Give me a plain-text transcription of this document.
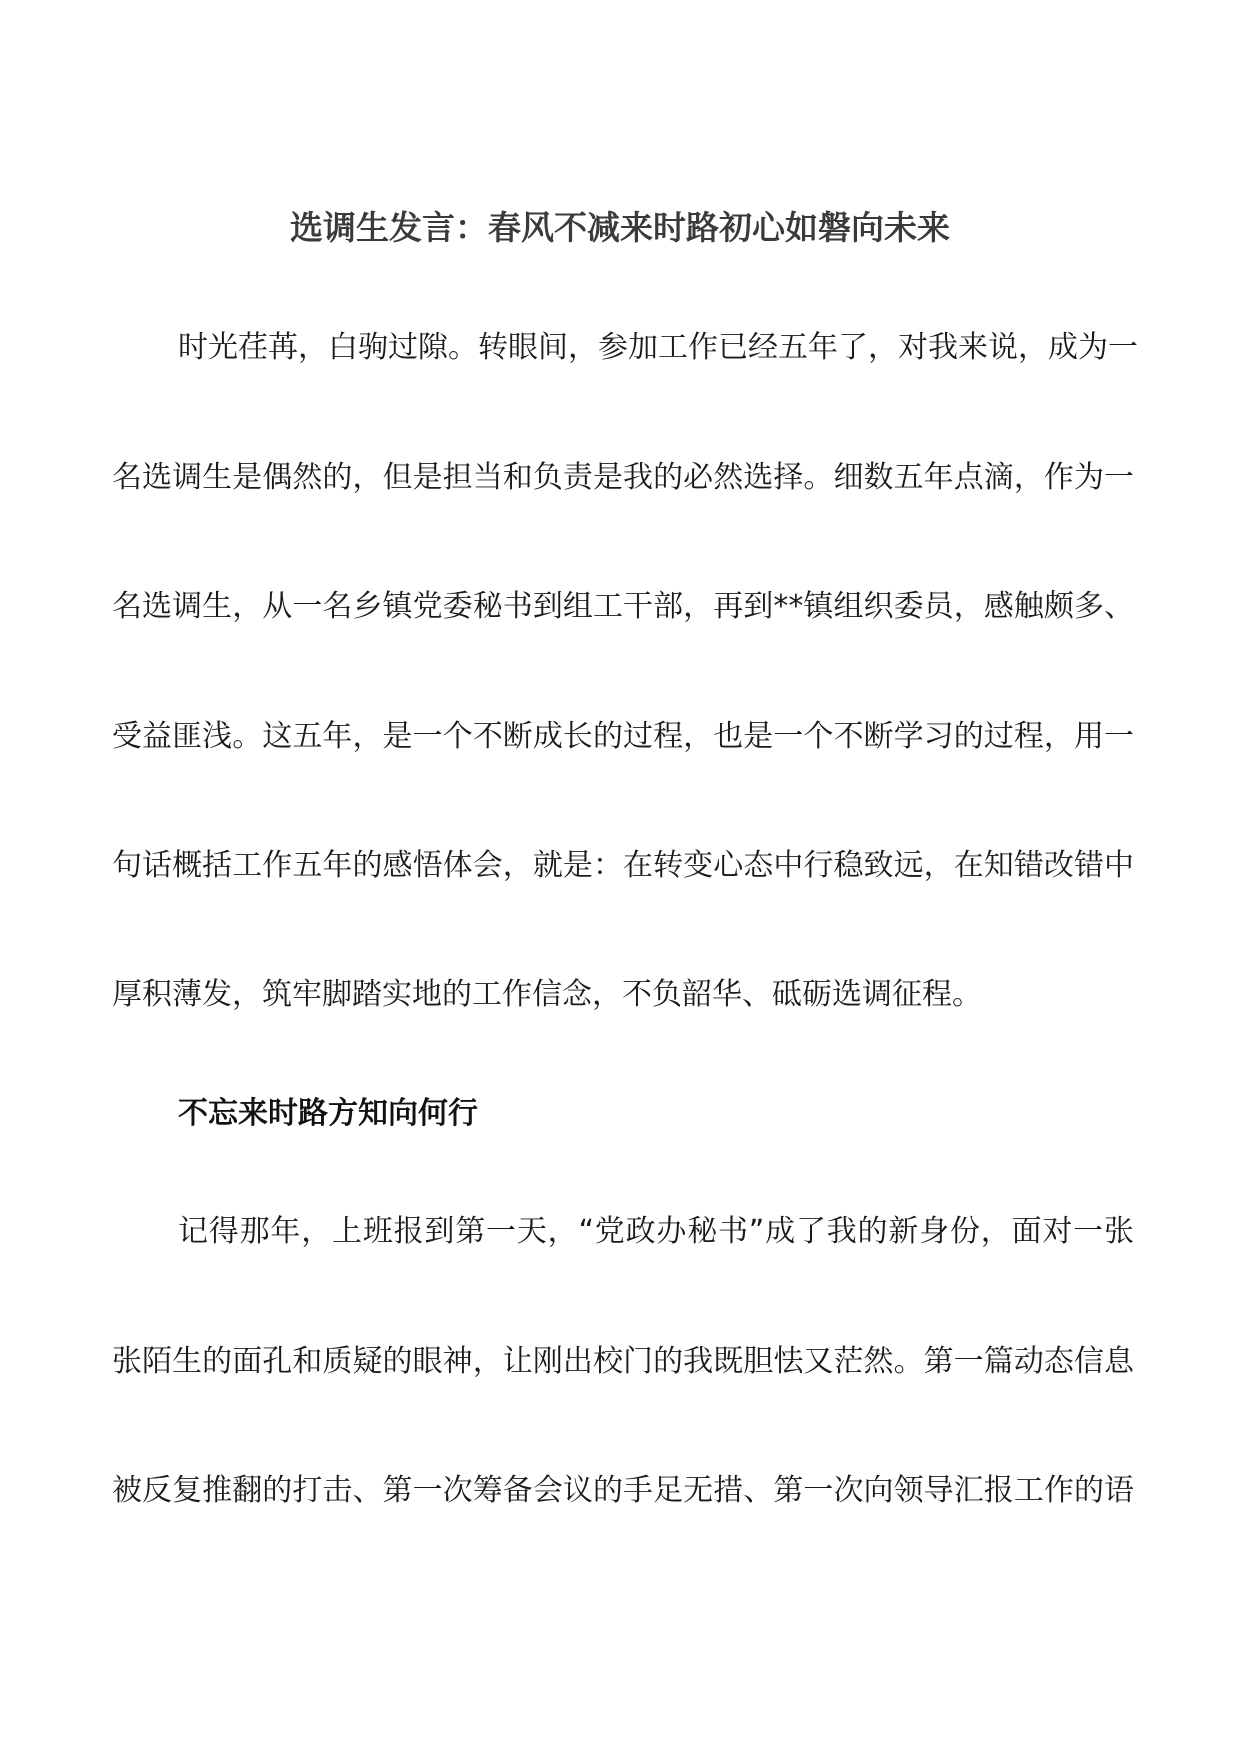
选调生发言：春风不减来时路初心如磐向未来

时光荏苒，白驹过隙。转眼间，参加工作已经五年了，对我来说，成为一

名选调生是偶然的，但是担当和负责是我的必然选择。细数五年点滴，作为一

名选调生，从一名乡镇党委秘书到组工干部，再到**镇组织委员，感触颇多、

受益匪浅。这五年，是一个不断成长的过程，也是一个不断学习的过程，用一

句话概括工作五年的感悟体会，就是：在转变心态中行稳致远，在知错改错中

厚积薄发，筑牢脚踏实地的工作信念，不负韶华、砥砺选调征程。

不忘来时路方知向何行

记得那年，上班报到第一天，“党政办秘书”成了我的新身份，面对一张

张陌生的面孔和质疑的眼神，让刚出校门的我既胆怯又茫然。第一篇动态信息

被反复推翻的打击、第一次筹备会议的手足无措、第一次向领导汇报工作的语
